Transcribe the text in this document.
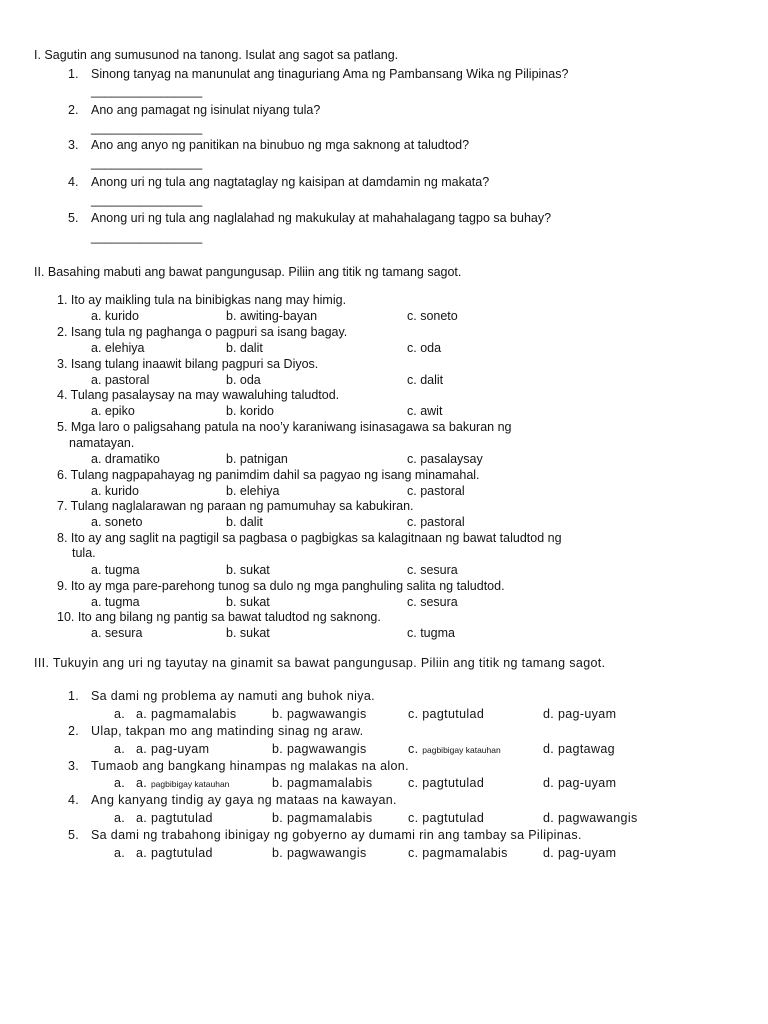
I. Sagutin ang sumusunod na tanong. Isulat ang sagot sa patlang.
1. Sinong tanyag na manunulat ang tinaguriang Ama ng Pambansang Wika ng Pilipinas?
________________
2. Ano ang pamagat ng isinulat niyang tula?
________________
3. Ano ang anyo ng panitikan na binubuo ng mga saknong at taludtod?
________________
4. Anong uri ng tula ang nagtataglay ng kaisipan at damdamin ng makata?
________________
5. Anong uri ng tula ang naglalahad ng makukulay at mahahalagang tagpo sa buhay?
________________
II. Basahing mabuti ang bawat pangungusap. Piliin ang titik ng tamang sagot.
1. Ito ay maikling tula na binibigkas nang may himig.
a. kurido	b. awiting-bayan	c. soneto
2. Isang tula ng paghanga o pagpuri sa isang bagay.
a. elehiya	b. dalit	c. oda
3. Isang tulang inaawit bilang pagpuri sa Diyos.
a. pastoral	b. oda	c. dalit
4. Tulang pasalaysay na may wawaluhing taludtod.
a. epiko	b. korido	c. awit
5. Mga laro o paligsahang patula na noo’y karaniwang isinasagawa sa bakuran ng
namatayan.
a. dramatiko	b. patnigan	c. pasalaysay
6. Tulang nagpapahayag ng panimdim dahil sa pagyao ng isang minamahal.
a. kurido	b. elehiya	c. pastoral
7. Tulang naglalarawan ng paraan ng pamumuhay sa kabukiran.
a. soneto	b. dalit	c. pastoral
8. Ito ay ang saglit na pagtigil sa pagbasa o pagbigkas sa kalagitnaan ng bawat taludtod ng
tula.
a. tugma	b. sukat	c. sesura
9. Ito ay mga pare-parehong tunog sa dulo ng mga panghuling salita ng taludtod.
a. tugma	b. sukat	c. sesura
10. Ito ang bilang ng pantig sa bawat taludtod ng saknong.
a. sesura	b. sukat	c. tugma
III. Tukuyin ang uri ng tayutay na ginamit sa bawat pangungusap. Piliin ang titik ng tamang sagot.
1. Sa dami ng problema ay namuti ang buhok niya.
a. a. pagmamalabis	b. pagwawangis	c. pagtutulad	d. pag-uyam
2. Ulap, takpan mo ang matinding sinag ng araw.
a. a. pag-uyam	b. pagwawangis	c. pagbibigay katauhan	d. pagtawag
3. Tumaob ang bangkang hinampas ng malakas na alon.
a. a. pagbibigay katauhan	b. pagmamalabis	c. pagtutulad	d. pag-uyam
4. Ang kanyang tindig ay gaya ng mataas na kawayan.
a. a. pagtutulad	b. pagmamalabis	c. pagtutulad	d. pagwawangis
5. Sa dami ng trabahong ibinigay ng gobyerno ay dumami rin ang tambay sa Pilipinas.
a. a. pagtutulad	b. pagwawangis	c. pagmamalabis	d. pag-uyam
